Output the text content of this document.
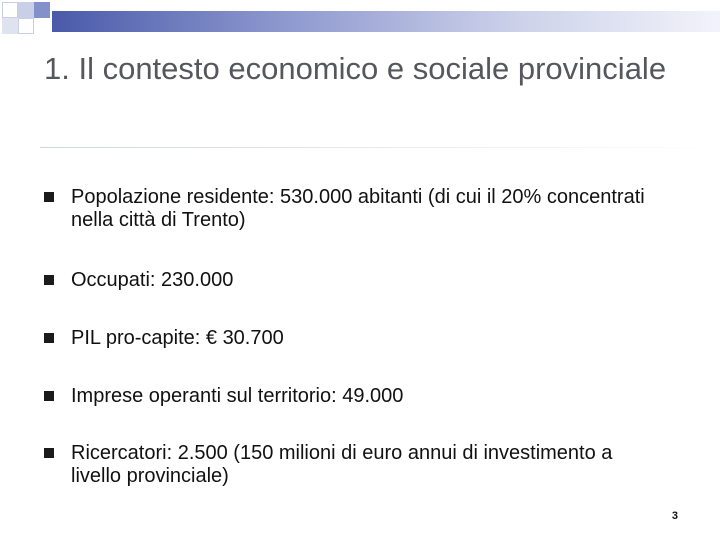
1. Il contesto economico e sociale provinciale
Popolazione residente: 530.000 abitanti (di cui il 20% concentrati nella città di Trento)
Occupati: 230.000
PIL pro-capite: € 30.700
Imprese operanti sul territorio: 49.000
Ricercatori: 2.500 (150 milioni di euro annui di investimento a livello provinciale)
3
